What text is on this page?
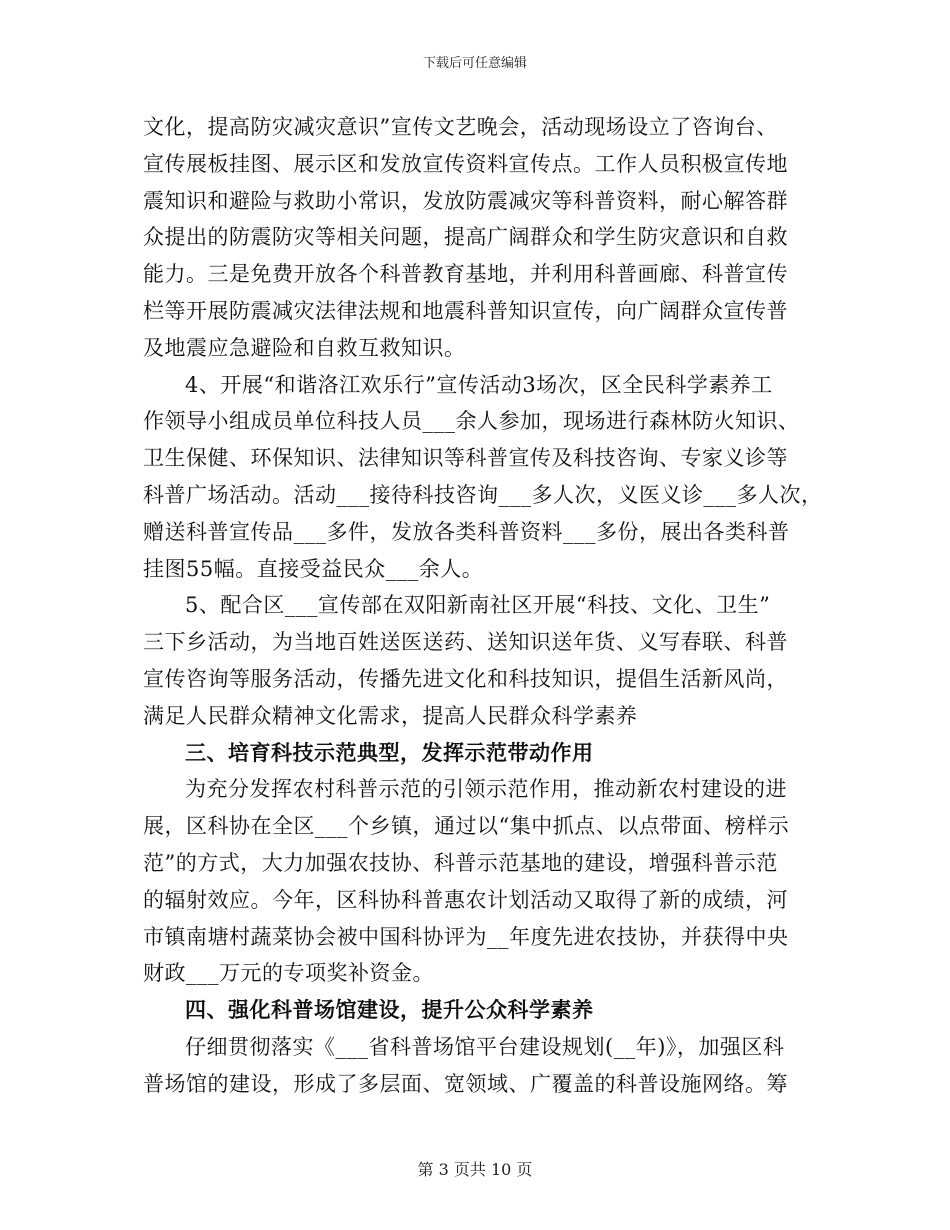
下载后可任意编辑
文化，提高防灾减灾意识”宣传文艺晚会，活动现场设立了咨询台、
宣传展板挂图、展示区和发放宣传资料宣传点。工作人员积极宣传地
震知识和避险与救助小常识，发放防震减灾等科普资料，耐心解答群
众提出的防震防灾等相关问题，提高广阔群众和学生防灾意识和自救
能力。三是免费开放各个科普教育基地，并利用科普画廊、科普宣传
栏等开展防震减灾法律法规和地震科普知识宣传，向广阔群众宣传普
及地震应急避险和自救互救知识。
4、开展“和谐洛江欢乐行”宣传活动3场次，区全民科学素养工
作领导小组成员单位科技人员___余人参加，现场进行森林防火知识、
卫生保健、环保知识、法律知识等科普宣传及科技咨询、专家义诊等
科普广场活动。活动___接待科技咨询___多人次，义医义诊___多人次，
赠送科普宣传品___多件，发放各类科普资料___多份，展出各类科普
挂图55幅。直接受益民众___余人。
5、配合区___宣传部在双阳新南社区开展“科技、文化、卫生”
三下乡活动，为当地百姓送医送药、送知识送年货、义写春联、科普
宣传咨询等服务活动，传播先进文化和科技知识，提倡生活新风尚，
满足人民群众精神文化需求，提高人民群众科学素养
三、培育科技示范典型，发挥示范带动作用
为充分发挥农村科普示范的引领示范作用，推动新农村建设的进
展，区科协在全区___个乡镇，通过以“集中抓点、以点带面、榜样示
范”的方式，大力加强农技协、科普示范基地的建设，增强科普示范
的辐射效应。今年，区科协科普惠农计划活动又取得了新的成绩，河
市镇南塘村蔬菜协会被中国科协评为__年度先进农技协，并获得中央
财政___万元的专项奖补资金。
四、强化科普场馆建设，提升公众科学素养
仔细贯彻落实《___省科普场馆平台建设规划(__年)》，加强区科
普场馆的建设，形成了多层面、宽领域、广覆盖的科普设施网络。筹
第 3 页共 10 页
